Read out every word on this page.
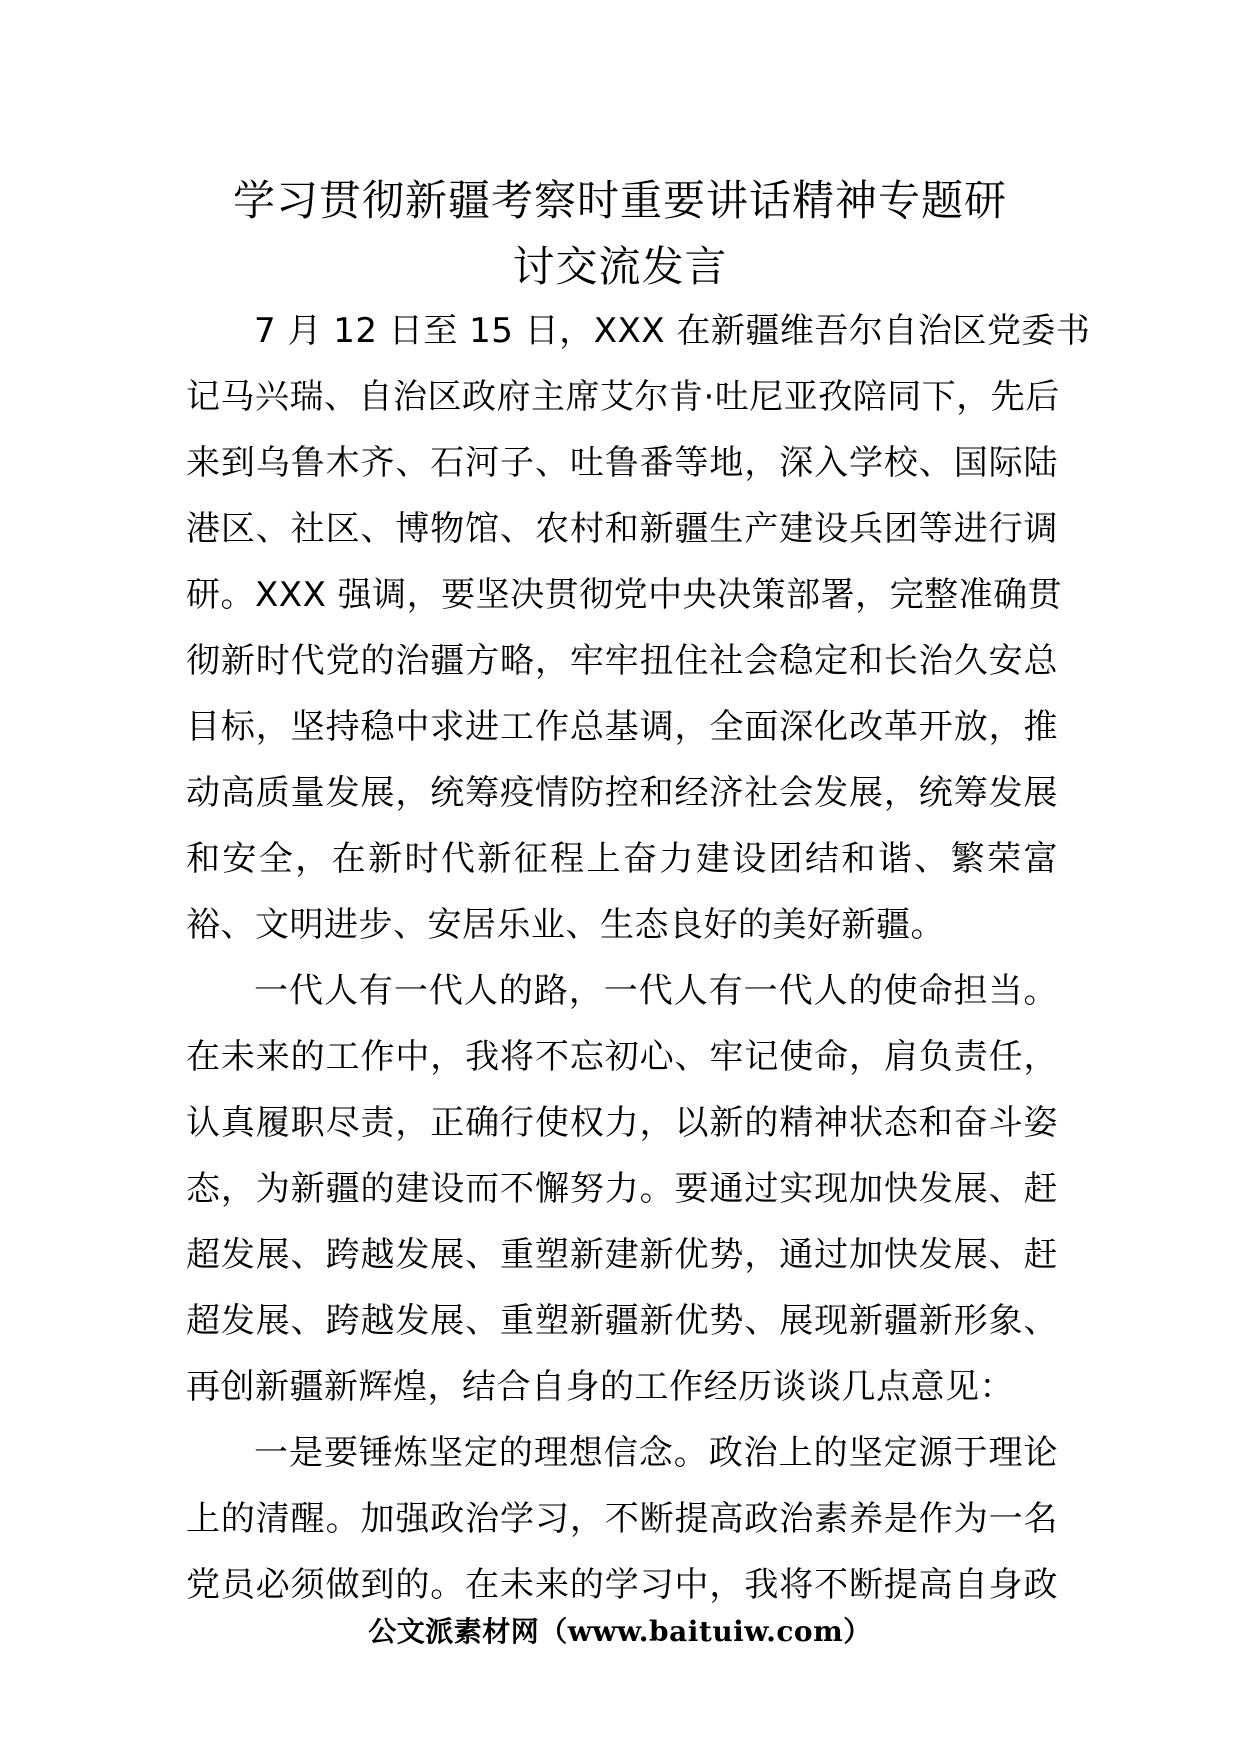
学习贯彻新疆考察时重要讲话精神专题研
讨交流发言
7 月 12 日至 15 日，XXX 在新疆维吾尔自治区党委书
记马兴瑞、自治区政府主席艾尔肯·吐尼亚孜陪同下，先后
来到乌鲁木齐、石河子、吐鲁番等地，深入学校、国际陆
港区、社区、博物馆、农村和新疆生产建设兵团等进行调
研。XXX 强调，要坚决贯彻党中央决策部署，完整准确贯
彻新时代党的治疆方略，牢牢扭住社会稳定和长治久安总
目标，坚持稳中求进工作总基调，全面深化改革开放，推
动高质量发展，统筹疫情防控和经济社会发展，统筹发展
和安全，在新时代新征程上奋力建设团结和谐、繁荣富
裕、文明进步、安居乐业、生态良好的美好新疆。
一代人有一代人的路，一代人有一代人的使命担当。
在未来的工作中，我将不忘初心、牢记使命，肩负责任，
认真履职尽责，正确行使权力，以新的精神状态和奋斗姿
态，为新疆的建设而不懈努力。要通过实现加快发展、赶
超发展、跨越发展、重塑新建新优势，通过加快发展、赶
超发展、跨越发展、重塑新疆新优势、展现新疆新形象、
再创新疆新辉煌，结合自身的工作经历谈谈几点意见：
一是要锤炼坚定的理想信念。政治上的坚定源于理论
上的清醒。加强政治学习，不断提高政治素养是作为一名
党员必须做到的。在未来的学习中，我将不断提高自身政
公文派素材网（www.baituiw.com）
